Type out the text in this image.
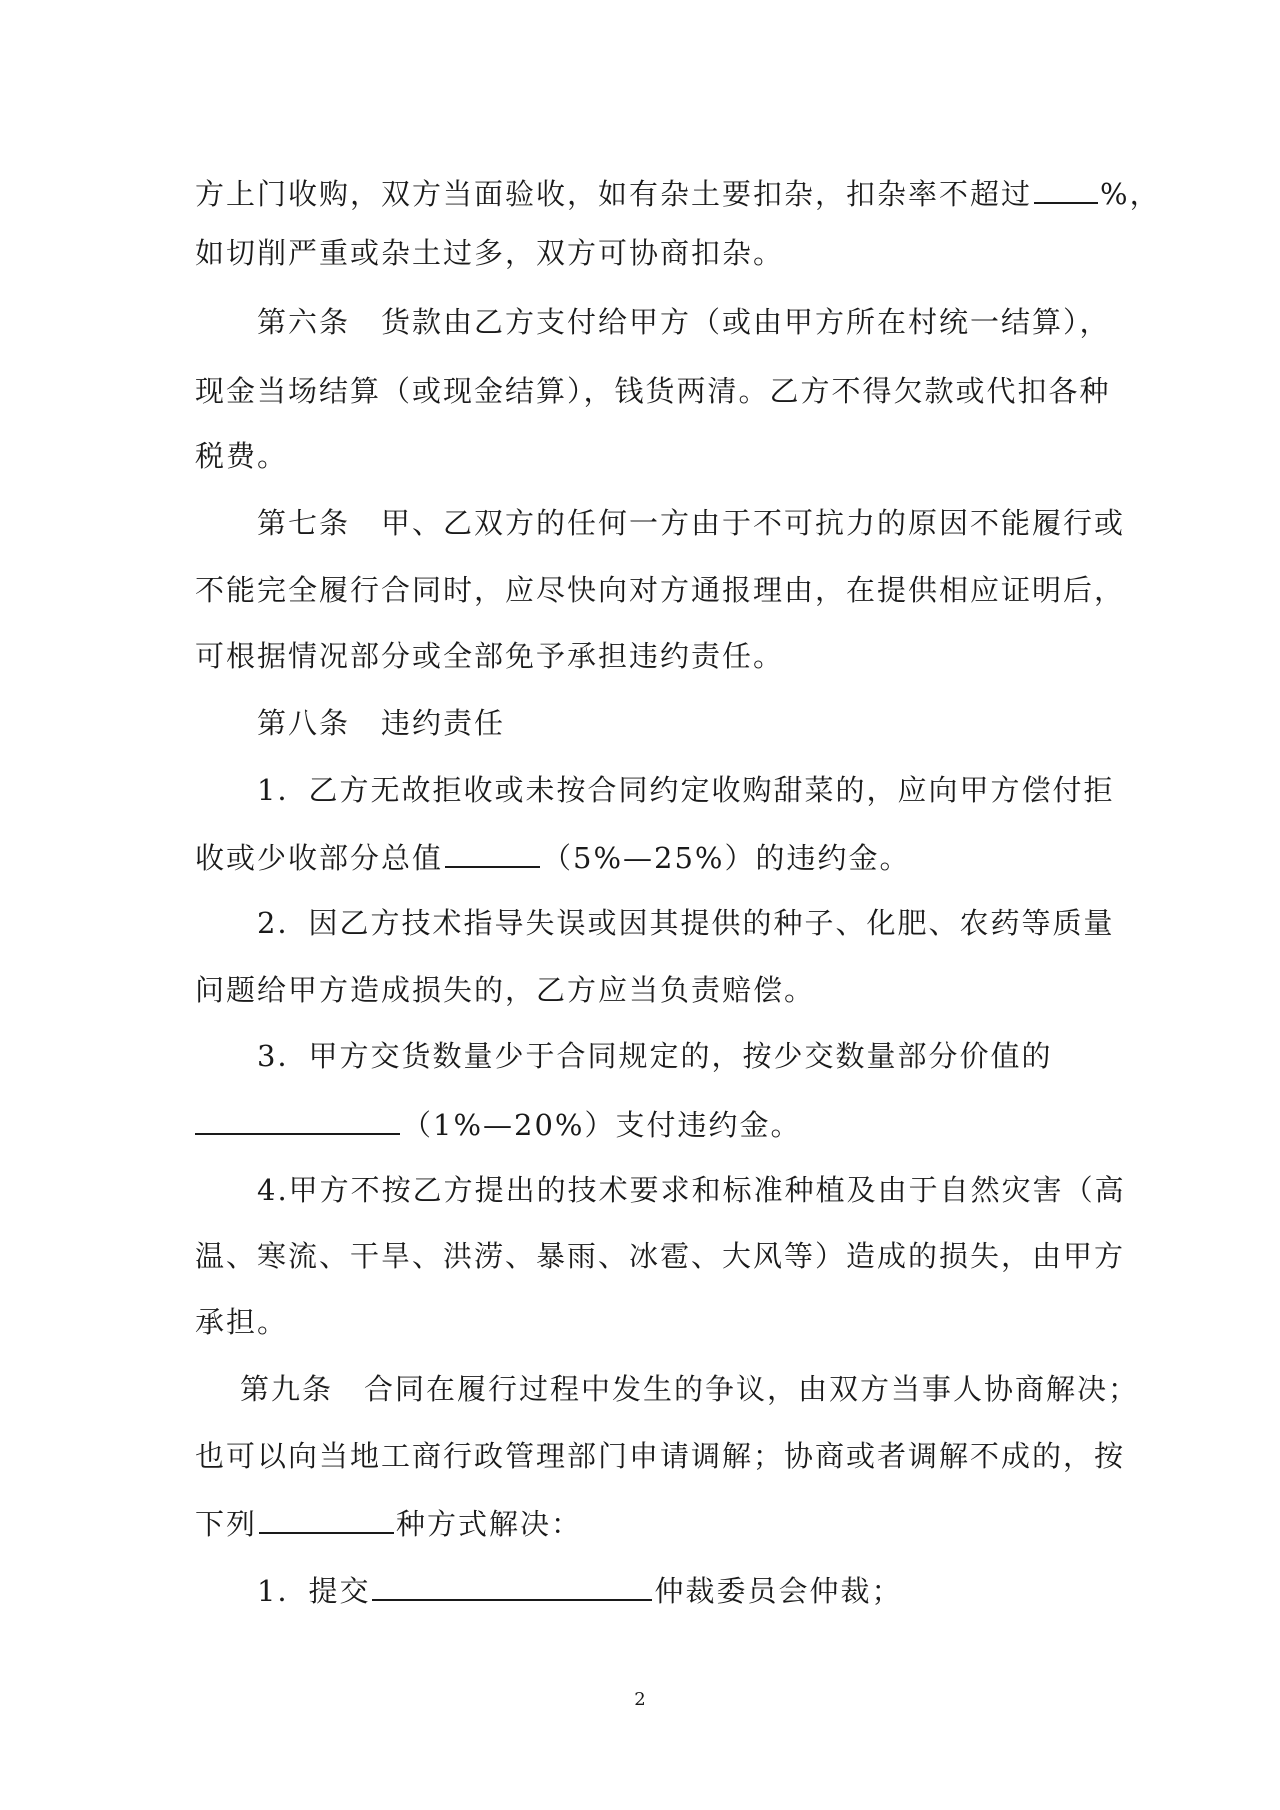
方上门收购，双方当面验收，如有杂土要扣杂，扣杂率不超过 %，
如切削严重或杂土过多，双方可协商扣杂。
第六条　货款由乙方支付给甲方（或由甲方所在村统一结算），
现金当场结算（或现金结算），钱货两清。乙方不得欠款或代扣各种
税费。
第七条　甲、乙双方的任何一方由于不可抗力的原因不能履行或
不能完全履行合同时，应尽快向对方通报理由，在提供相应证明后，
可根据情况部分或全部免予承担违约责任。
第八条　违约责任
1．乙方无故拒收或未按合同约定收购甜菜的，应向甲方偿付拒
收或少收部分总值	（5%—25%）的违约金。
2．因乙方技术指导失误或因其提供的种子、化肥、农药等质量
问题给甲方造成损失的，乙方应当负责赔偿。
3．甲方交货数量少于合同规定的，按少交数量部分价值的
（1%—20%）支付违约金。
4.甲方不按乙方提出的技术要求和标准种植及由于自然灾害（高
温、寒流、干旱、洪涝、暴雨、冰雹、大风等）造成的损失，由甲方
承担。
第九条　合同在履行过程中发生的争议，由双方当事人协商解决；
也可以向当地工商行政管理部门申请调解；协商或者调解不成的，按
下列	种方式解决：
1．提交	仲裁委员会仲裁；
2
